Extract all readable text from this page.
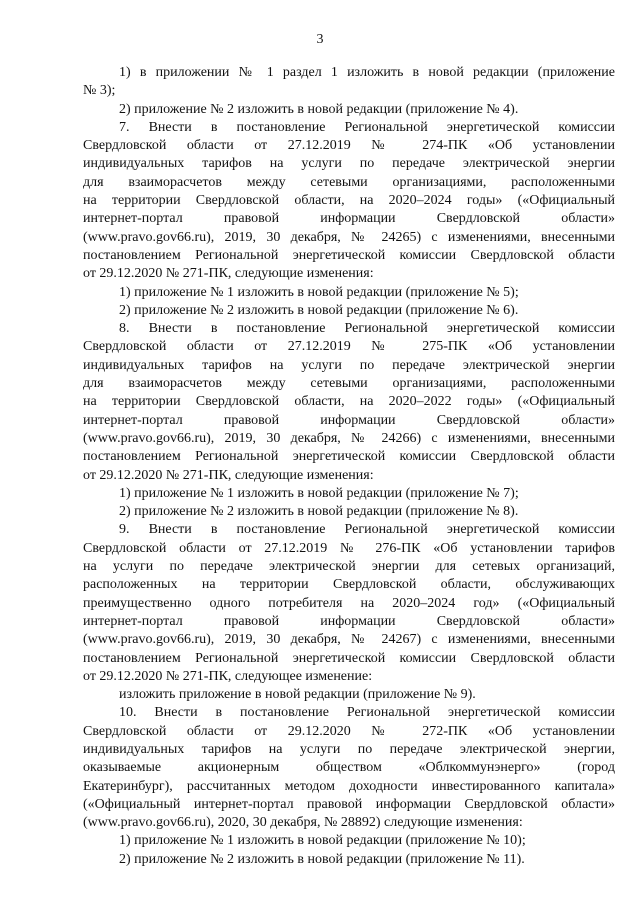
3
1) в приложении № 1 раздел 1 изложить в новой редакции (приложение
№ 3);
2) приложение № 2 изложить в новой редакции (приложение № 4).
7. Внести в постановление Региональной энергетической комиссии
Свердловской области от 27.12.2019 № 274-ПК «Об установлении
индивидуальных тарифов на услуги по передаче электрической энергии
для взаиморасчетов между сетевыми организациями, расположенными
на территории Свердловской области, на 2020–2024 годы» («Официальный
интернет-портал правовой информации Свердловской области»
(www.pravo.gov66.ru), 2019, 30 декабря, № 24265) с изменениями, внесенными
постановлением Региональной энергетической комиссии Свердловской области
от 29.12.2020 № 271-ПК, следующие изменения:
1) приложение № 1 изложить в новой редакции (приложение № 5);
2) приложение № 2 изложить в новой редакции (приложение № 6).
8. Внести в постановление Региональной энергетической комиссии
Свердловской области от 27.12.2019 № 275-ПК «Об установлении
индивидуальных тарифов на услуги по передаче электрической энергии
для взаиморасчетов между сетевыми организациями, расположенными
на территории Свердловской области, на 2020–2022 годы» («Официальный
интернет-портал правовой информации Свердловской области»
(www.pravo.gov66.ru), 2019, 30 декабря, № 24266) с изменениями, внесенными
постановлением Региональной энергетической комиссии Свердловской области
от 29.12.2020 № 271-ПК, следующие изменения:
1) приложение № 1 изложить в новой редакции (приложение № 7);
2) приложение № 2 изложить в новой редакции (приложение № 8).
9. Внести в постановление Региональной энергетической комиссии
Свердловской области от 27.12.2019 № 276-ПК «Об установлении тарифов
на услуги по передаче электрической энергии для сетевых организаций,
расположенных на территории Свердловской области, обслуживающих
преимущественно одного потребителя на 2020–2024 год» («Официальный
интернет-портал правовой информации Свердловской области»
(www.pravo.gov66.ru), 2019, 30 декабря, № 24267) с изменениями, внесенными
постановлением Региональной энергетической комиссии Свердловской области
от 29.12.2020 № 271-ПК, следующее изменение:
изложить приложение в новой редакции (приложение № 9).
10. Внести в постановление Региональной энергетической комиссии
Свердловской области от 29.12.2020 № 272-ПК «Об установлении
индивидуальных тарифов на услуги по передаче электрической энергии,
оказываемые акционерным обществом «Облкоммунэнерго» (город
Екатеринбург), рассчитанных методом доходности инвестированного капитала»
(«Официальный интернет-портал правовой информации Свердловской области»
(www.pravo.gov66.ru), 2020, 30 декабря, № 28892) следующие изменения:
1) приложение № 1 изложить в новой редакции (приложение № 10);
2) приложение № 2 изложить в новой редакции (приложение № 11).
